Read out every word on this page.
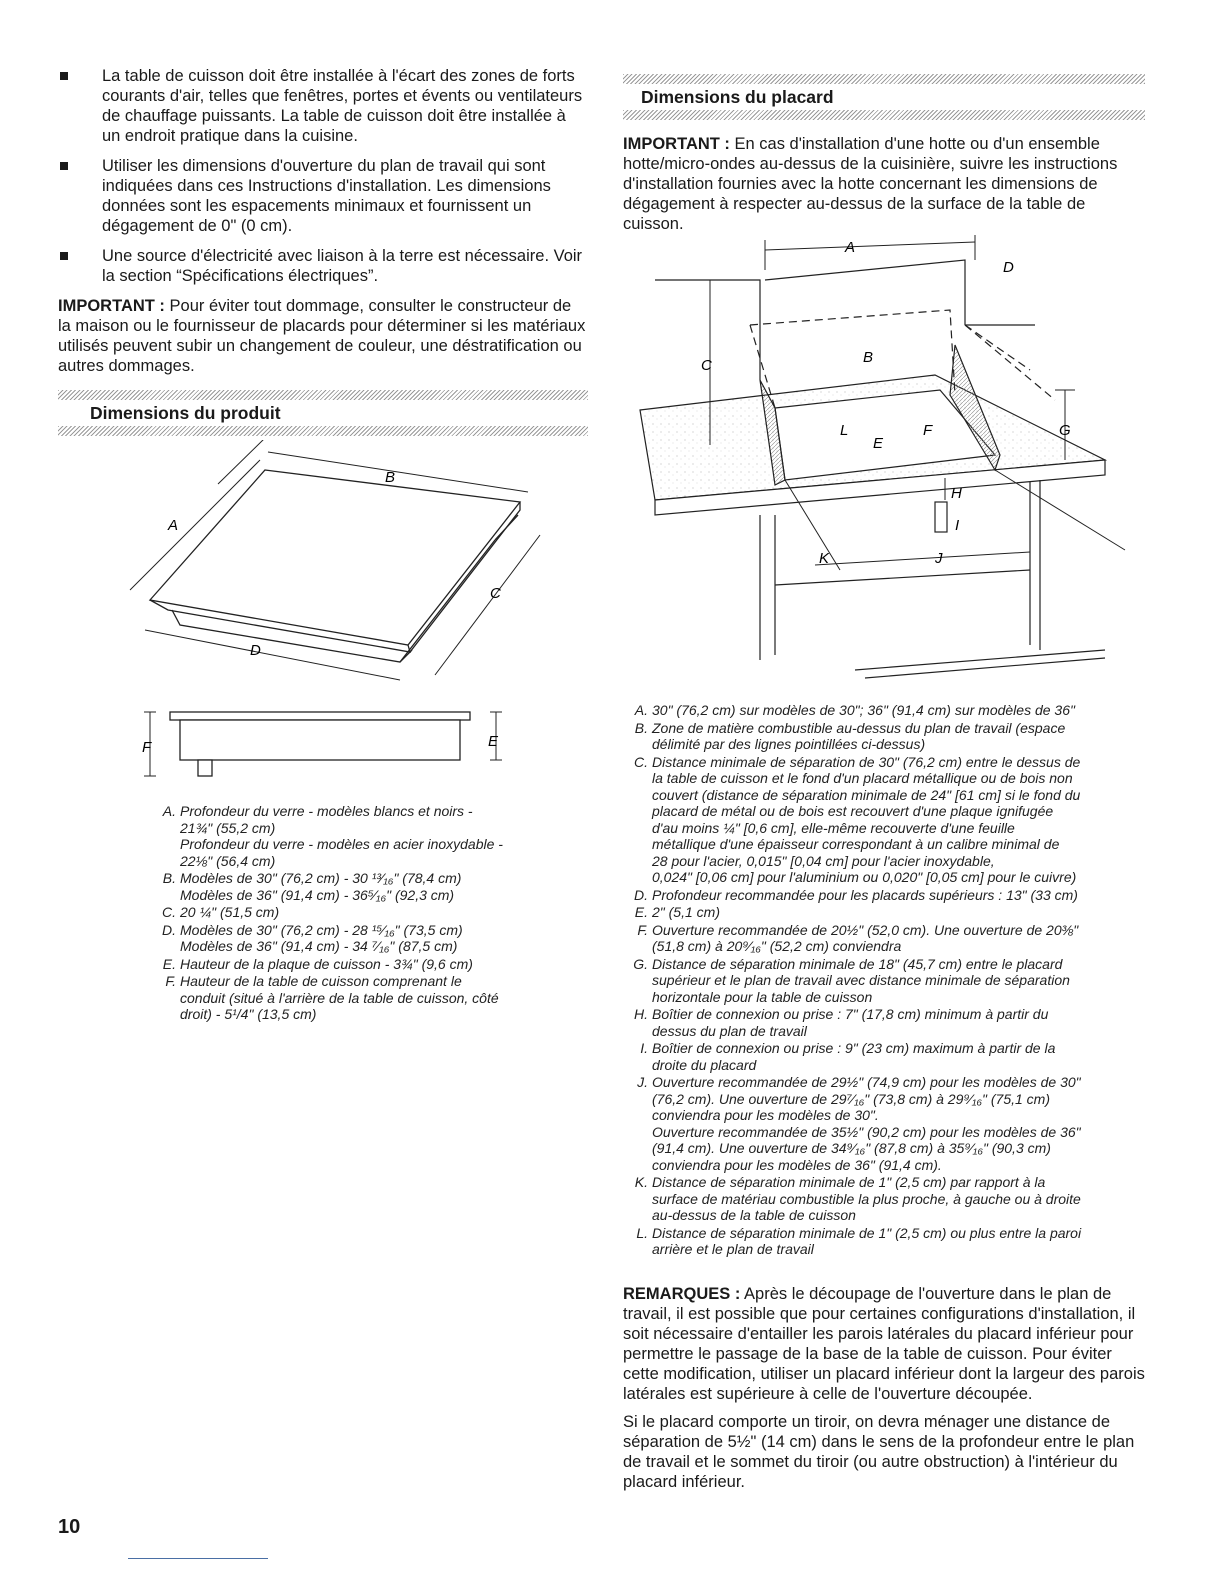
La table de cuisson doit être installée à l'écart des zones de forts courants d'air, telles que fenêtres, portes et évents ou ventilateurs de chauffage puissants. La table de cuisson doit être installée à un endroit pratique dans la cuisine.
Utiliser les dimensions d'ouverture du plan de travail qui sont indiquées dans ces Instructions d'installation. Les dimensions données sont les espacements minimaux et fournissent un dégagement de 0" (0 cm).
Une source d'électricité avec liaison à la terre est nécessaire. Voir la section “Spécifications électriques”.

IMPORTANT : Pour éviter tout dommage, consulter le constructeur de la maison ou le fournisseur de placards pour déterminer si les matériaux utilisés peuvent subir un changement de couleur, une déstratification ou autres dommages.

Dimensions du produit
B
A
C
D
F	E
A. Profondeur du verre - modèles blancs et noirs -
21¾" (55,2 cm)
Profondeur du verre - modèles en acier inoxydable -
22⅛" (56,4 cm)
B. Modèles de 30" (76,2 cm) - 30 ¹³⁄₁₆" (78,4 cm)
Modèles de 36" (91,4 cm) - 36⁵⁄₁₆" (92,3 cm)
C. 20 ¼" (51,5 cm)
D. Modèles de 30" (76,2 cm) - 28 ¹⁵⁄₁₆" (73,5 cm)
Modèles de 36" (91,4 cm) - 34 ⁷⁄₁₆" (87,5 cm)
E. Hauteur de la plaque de cuisson - 3¾" (9,6 cm)
F. Hauteur de la table de cuisson comprenant le
conduit (situé à l'arrière de la table de cuisson, côté
droit) - 5¹/4" (13,5 cm)
Dimensions du placard

IMPORTANT : En cas d'installation d'une hotte ou d'un ensemble hotte/micro-ondes au-dessus de la cuisinière, suivre les instructions d'installation fournies avec la hotte concernant les dimensions de dégagement à respecter au-dessus de la surface de la table de cuisson.

A
D
B
C
L
E
F	G
H
I
K	J
A. 30" (76,2 cm) sur modèles de 30"; 36" (91,4 cm) sur modèles de 36"
B. Zone de matière combustible au-dessus du plan de travail (espace
délimité par des lignes pointillées ci-dessus)
C. Distance minimale de séparation de 30" (76,2 cm) entre le dessus de
la table de cuisson et le fond d'un placard métallique ou de bois non
couvert (distance de séparation minimale de 24" [61 cm] si le fond du
placard de métal ou de bois est recouvert d'une plaque ignifugée
d'au moins ¼" [0,6 cm], elle-même recouverte d'une feuille
métallique d'une épaisseur correspondant à un calibre minimal de
28 pour l'acier, 0,015" [0,04 cm] pour l'acier inoxydable,
0,024" [0,06 cm] pour l'aluminium ou 0,020" [0,05 cm] pour le cuivre)
D. Profondeur recommandée pour les placards supérieurs : 13" (33 cm)
E. 2" (5,1 cm)
F. Ouverture recommandée de 20½" (52,0 cm). Une ouverture de 20⅜"
(51,8 cm) à 20⁹⁄₁₆" (52,2 cm) conviendra
G. Distance de séparation minimale de 18" (45,7 cm) entre le placard
supérieur et le plan de travail avec distance minimale de séparation
horizontale pour la table de cuisson
H. Boîtier de connexion ou prise : 7" (17,8 cm) minimum à partir du
dessus du plan de travail
I. Boîtier de connexion ou prise : 9" (23 cm) maximum à partir de la
droite du placard
J. Ouverture recommandée de 29½" (74,9 cm) pour les modèles de 30"
(76,2 cm). Une ouverture de 29⁷⁄₁₆" (73,8 cm) à 29⁹⁄₁₆" (75,1 cm)
conviendra pour les modèles de 30".
Ouverture recommandée de 35½" (90,2 cm) pour les modèles de 36"
(91,4 cm). Une ouverture de 34⁹⁄₁₆" (87,8 cm) à 35⁹⁄₁₆" (90,3 cm)
conviendra pour les modèles de 36" (91,4 cm).
K. Distance de séparation minimale de 1" (2,5 cm) par rapport à la
surface de matériau combustible la plus proche, à gauche ou à droite
au-dessus de la table de cuisson
L. Distance de séparation minimale de 1" (2,5 cm) ou plus entre la paroi
arrière et le plan de travail

REMARQUES : Après le découpage de l'ouverture dans le plan de travail, il est possible que pour certaines configurations d'installation, il soit nécessaire d'entailler les parois latérales du placard inférieur pour permettre le passage de la base de la table de cuisson. Pour éviter cette modification, utiliser un placard inférieur dont la largeur des parois latérales est supérieure à celle de l'ouverture découpée.

Si le placard comporte un tiroir, on devra ménager une distance de séparation de 5½" (14 cm) dans le sens de la profondeur entre le plan de travail et le sommet du tiroir (ou autre obstruction) à l'intérieur du placard inférieur.

10
